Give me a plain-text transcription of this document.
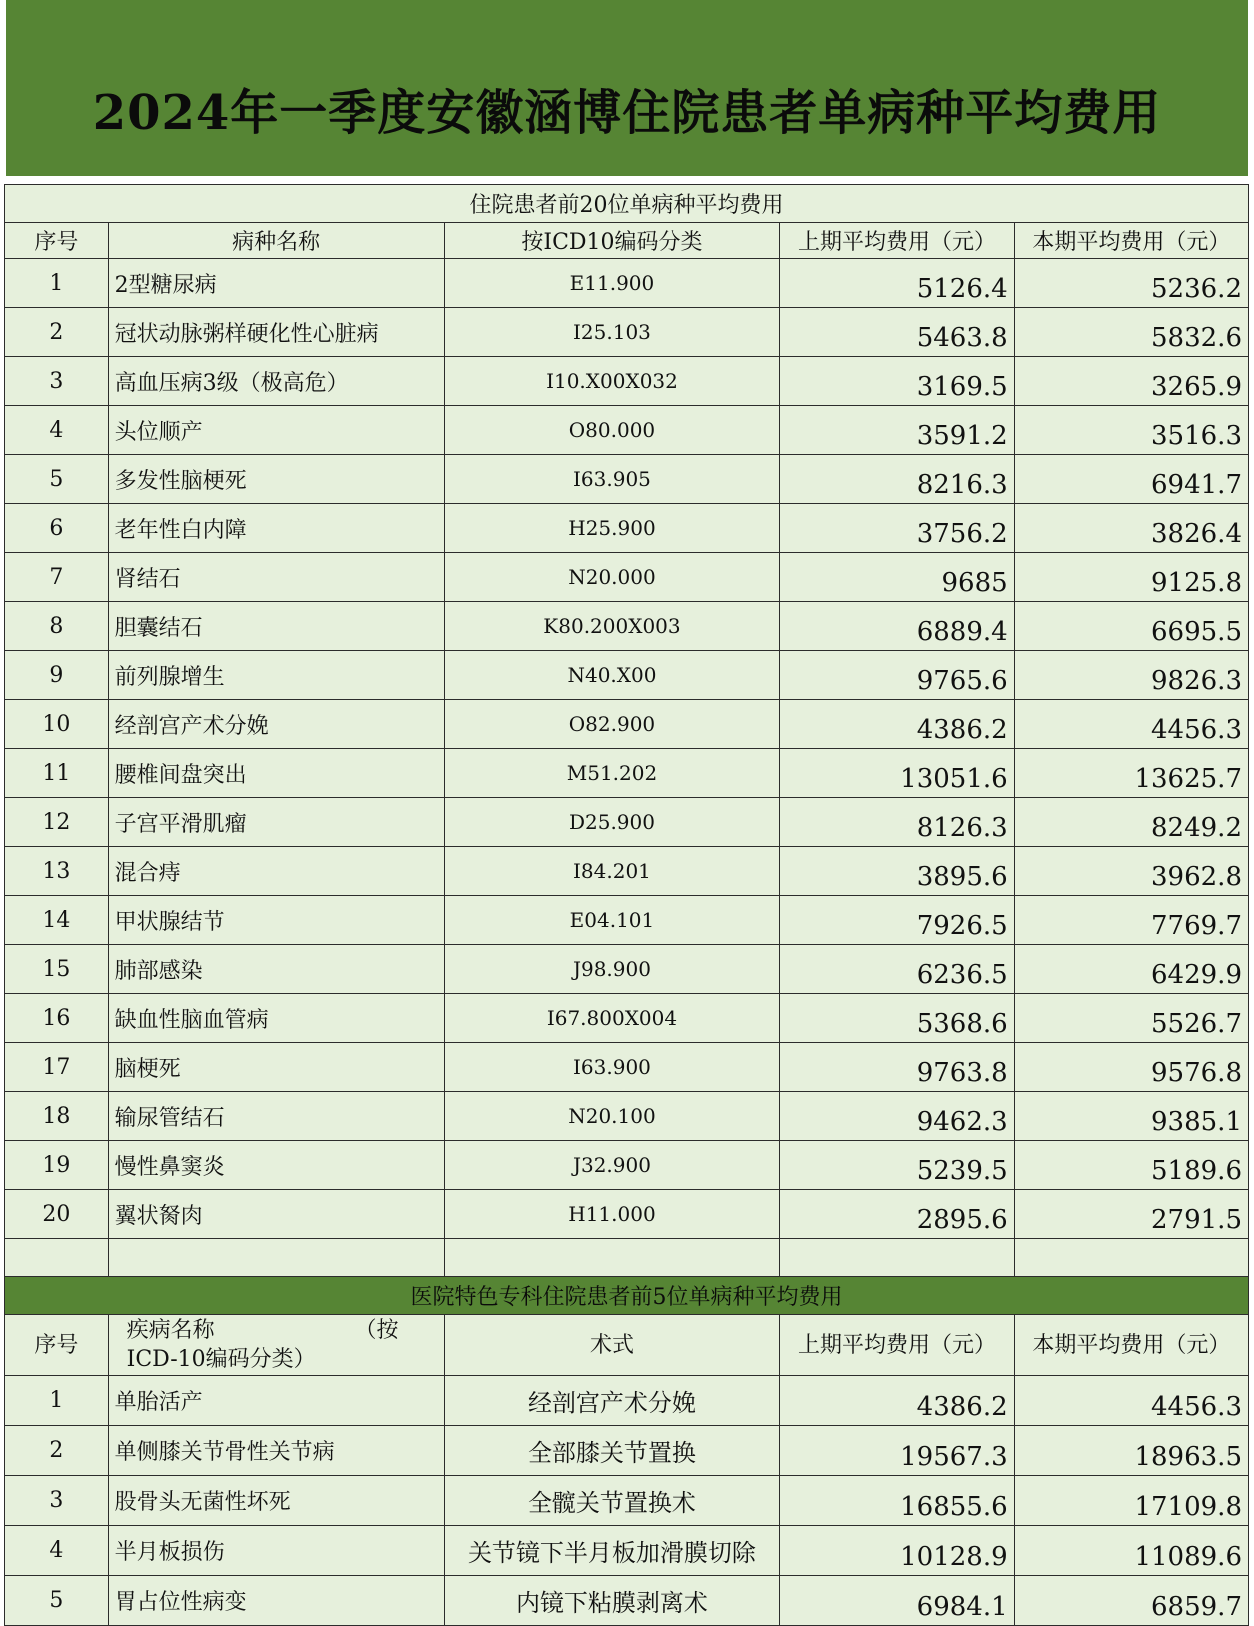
2024年一季度安徽涵博住院患者单病种平均费用
住院患者前20位单病种平均费用				
序号	病种名称	按ICD10编码分类	上期平均费用（元）	本期平均费用（元）
1	2型糖尿病	E11.900	5126.4	5236.2
2	冠状动脉粥样硬化性心脏病	I25.103	5463.8	5832.6
3	高血压病3级（极高危）	I10.X00X032	3169.5	3265.9
4	头位顺产	O80.000	3591.2	3516.3
5	多发性脑梗死	I63.905	8216.3	6941.7
6	老年性白内障	H25.900	3756.2	3826.4
7	肾结石	N20.000	9685	9125.8
8	胆囊结石	K80.200X003	6889.4	6695.5
9	前列腺增生	N40.X00	9765.6	9826.3
10	经剖宫产术分娩	O82.900	4386.2	4456.3
11	腰椎间盘突出	M51.202	13051.6	13625.7
12	子宫平滑肌瘤	D25.900	8126.3	8249.2
13	混合痔	I84.201	3895.6	3962.8
14	甲状腺结节	E04.101	7926.5	7769.7
15	肺部感染	J98.900	6236.5	6429.9
16	缺血性脑血管病	I67.800X004	5368.6	5526.7
17	脑梗死	I63.900	9763.8	9576.8
18	输尿管结石	N20.100	9462.3	9385.1
19	慢性鼻窦炎	J32.900	5239.5	5189.6
20	翼状胬肉	H11.000	2895.6	2791.5

医院特色专科住院患者前5位单病种平均费用				
序号	疾病名称                    （按ICD-10编码分类）	术式	上期平均费用（元）	本期平均费用（元）
1	单胎活产	经剖宫产术分娩	4386.2	4456.3
2	单侧膝关节骨性关节病	全部膝关节置换	19567.3	18963.5
3	股骨头无菌性坏死	全髋关节置换术	16855.6	17109.8
4	半月板损伤	关节镜下半月板加滑膜切除	10128.9	11089.6
5	胃占位性病变	内镜下粘膜剥离术	6984.1	6859.7
